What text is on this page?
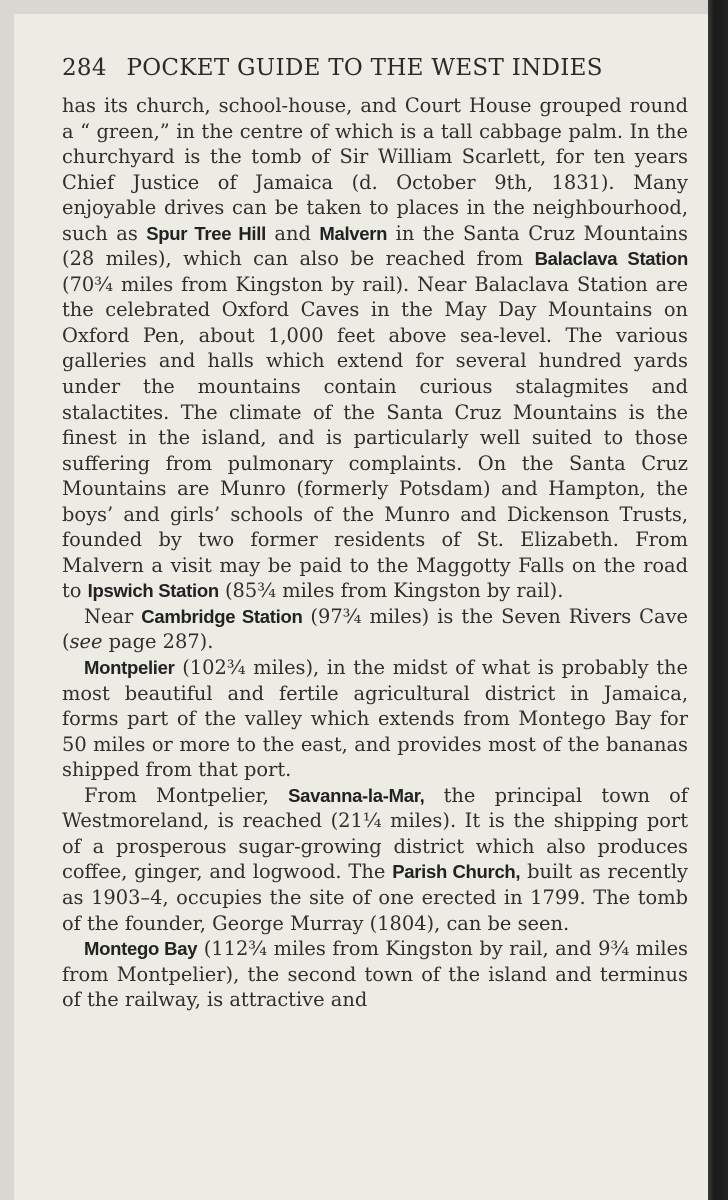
284 POCKET GUIDE TO THE WEST INDIES

has its church, school-house, and Court House grouped round a “ green,” in the centre of which is a tall cabbage palm. In the churchyard is the tomb of Sir William Scarlett, for ten years Chief Justice of Jamaica (d. October 9th, 1831). Many enjoyable drives can be taken to places in the neighbourhood, such as Spur Tree Hill and Malvern in the Santa Cruz Mountains (28 miles), which can also be reached from Balaclava Station (70¾ miles from Kingston by rail). Near Balaclava Station are the celebrated Oxford Caves in the May Day Mountains on Oxford Pen, about 1,000 feet above sea-level. The various galleries and halls which extend for several hundred yards under the mountains contain curious stalagmites and stalactites. The climate of the Santa Cruz Mountains is the finest in the island, and is particularly well suited to those suffering from pulmonary complaints. On the Santa Cruz Mountains are Munro (formerly Potsdam) and Hampton, the boys’ and girls’ schools of the Munro and Dickenson Trusts, founded by two former residents of St. Elizabeth. From Malvern a visit may be paid to the Maggotty Falls on the road to Ipswich Station (85¾ miles from Kingston by rail).

Near Cambridge Station (97¾ miles) is the Seven Rivers Cave (see page 287).

Montpelier (102¾ miles), in the midst of what is probably the most beautiful and fertile agricultural district in Jamaica, forms part of the valley which extends from Montego Bay for 50 miles or more to the east, and provides most of the bananas shipped from that port.

From Montpelier, Savanna-la-Mar, the principal town of Westmoreland, is reached (21¼ miles). It is the shipping port of a prosperous sugar-growing district which also produces coffee, ginger, and logwood. The Parish Church, built as recently as 1903–4, occupies the site of one erected in 1799. The tomb of the founder, George Murray (1804), can be seen.

Montego Bay (112¾ miles from Kingston by rail, and 9¾ miles from Montpelier), the second town of the island and terminus of the railway, is attractive and
